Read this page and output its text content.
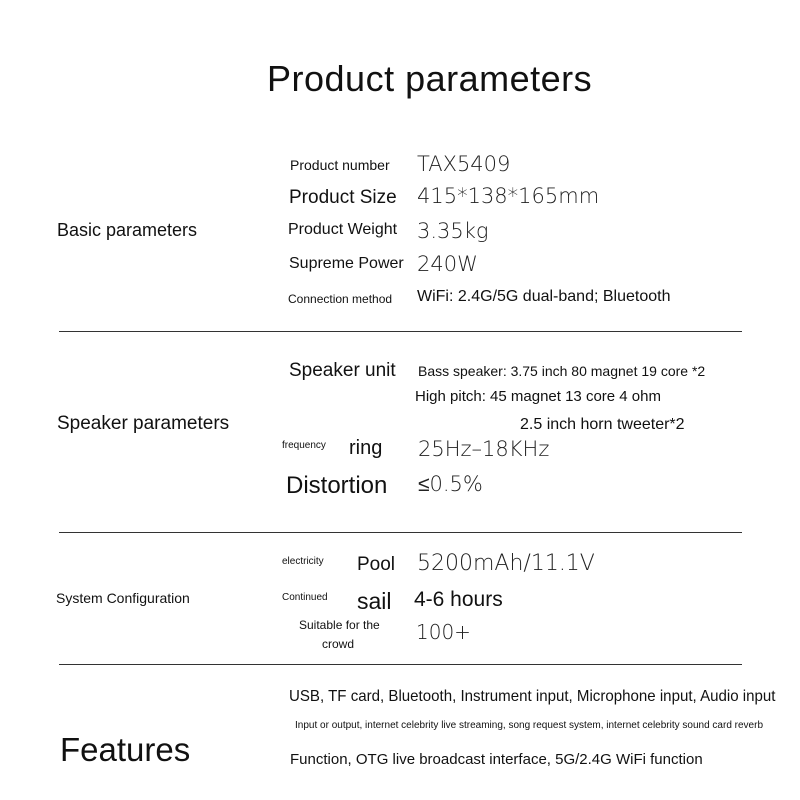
Product parameters
Basic parameters
Product number TAX5409
Product Size 415*138*165mm
Product Weight 3.35kg
Supreme Power 240W
Connection method WiFi: 2.4G/5G dual-band; Bluetooth
Speaker parameters
Speaker unit Bass speaker: 3.75 inch 80 magnet 19 core *2
High pitch: 45 magnet 13 core 4 ohm
2.5 inch horn tweeter*2
frequency ring 25Hz–18KHz
Distortion ≤0.5%
System Configuration
electricity Pool 5200mAh/11.1V
Continued sail 4-6 hours
Suitable for the
crowd	100+
Features
USB, TF card, Bluetooth, Instrument input, Microphone input, Audio input
Input or output, internet celebrity live streaming, song request system, internet celebrity sound card reverb
Function, OTG live broadcast interface, 5G/2.4G WiFi function
